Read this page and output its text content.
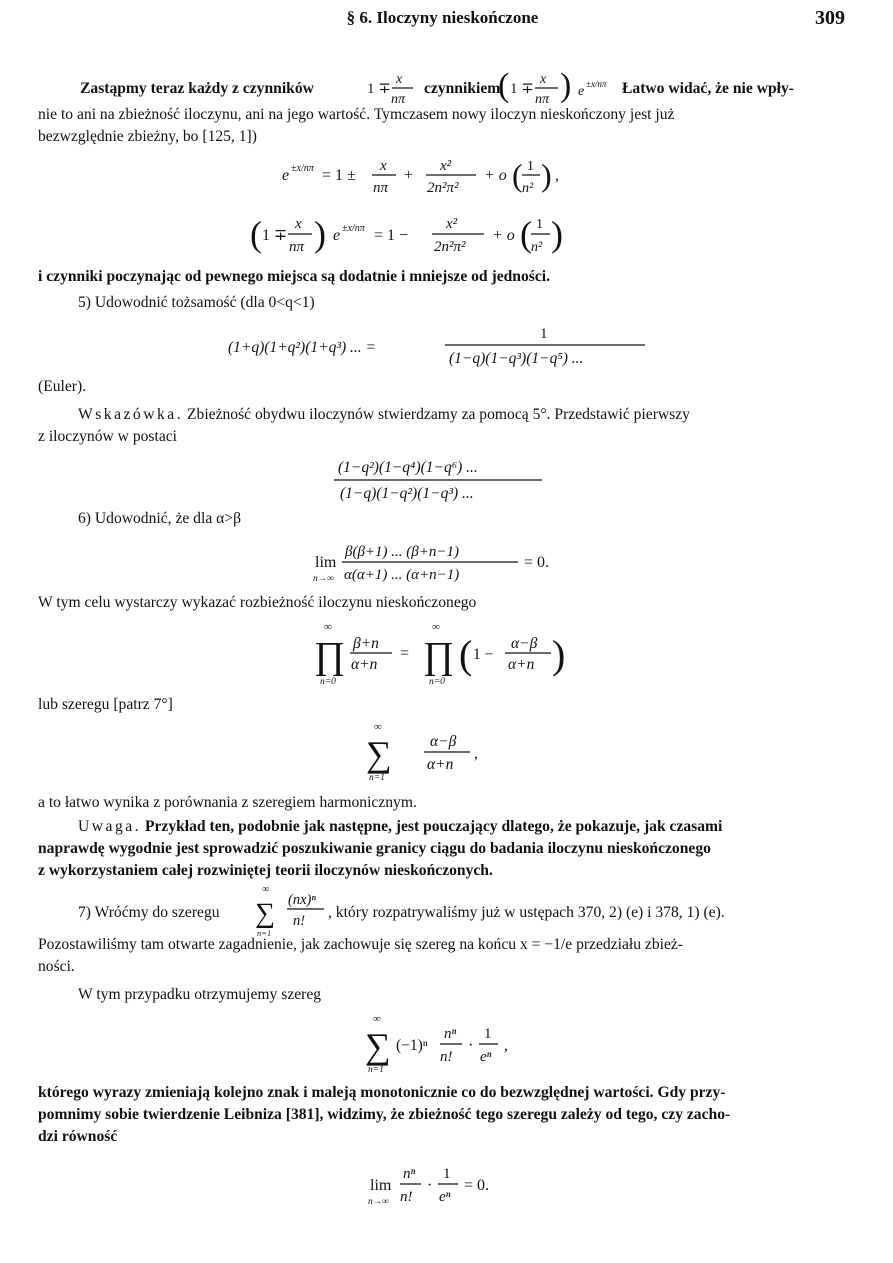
§ 6. Iloczyny nieskończone	309
Zastąpmy teraz każdy z czynników	1 ∓
x
nπ
czynnikiem
( 1 ∓
x
nπ ) e ±x/nπ Łatwo widać, że nie wpły-
nie to ani na zbieżność iloczynu, ani na jego wartość. Tymczasem nowy iloczyn nieskończony jest już
bezwzględnie zbieżny, bo [125, 1])
e ±x/nπ = 1 ±
x
nπ
+
x²
2n²π²
+ o ( 1
n² ) ,
( 1 ∓
x
nπ ) e ±x/nπ = 1 −
x²
2n²π²
+ o ( 1
n² )
i czynniki poczynając od pewnego miejsca są dodatnie i mniejsze od jedności.
5) Udowodnić tożsamość (dla 0<q<1)
(1+q)(1+q²)(1+q³) ... =
1
(1−q)(1−q³)(1−q⁵) ...
(Euler).
Wskazówka. Zbieżność obydwu iloczynów stwierdzamy za pomocą 5°. Przedstawić pierwszy
z iloczynów w postaci
(1−q²)(1−q⁴)(1−q⁶) ...
(1−q)(1−q²)(1−q³) ...
6) Udowodnić, że dla α>β
lim
n→∞
β(β+1) ... (β+n−1)
α(α+1) ... (α+n−1)
= 0.
W tym celu wystarczy wykazać rozbieżność iloczynu nieskończonego
∞
∏
n=0
β+n
α+n
=
∞
∏
n=0
( 1 −
α−β
α+n )
lub szeregu [patrz 7°]
∞
∑
n=1
α−β
α+n
,
a to łatwo wynika z porównania z szeregiem harmonicznym.
Uwaga. Przykład ten, podobnie jak następne, jest pouczający dlatego, że pokazuje, jak czasami
naprawdę wygodnie jest sprowadzić poszukiwanie granicy ciągu do badania iloczynu nieskończonego
z wykorzystaniem całej rozwiniętej teorii iloczynów nieskończonych.
7) Wróćmy do szeregu
∞
∑
n=1
(nx)ⁿ
n! , który rozpatrywaliśmy już w ustępach 370, 2) (e) i 378, 1) (e).
Pozostawiliśmy tam otwarte zagadnienie, jak zachowuje się szereg na końcu x = −1/e przedziału zbież-
ności.
W tym przypadku otrzymujemy szereg
∞
∑
n=1
(−1)ⁿ
nⁿ
n!
·
1
eⁿ
,
którego wyrazy zmieniają kolejno znak i maleją monotonicznie co do bezwzględnej wartości. Gdy przy-
pomnimy sobie twierdzenie Leibniza [381], widzimy, że zbieżność tego szeregu zależy od tego, czy zacho-
dzi równość
lim
n→∞
nⁿ
n!
·
1
eⁿ
= 0.
